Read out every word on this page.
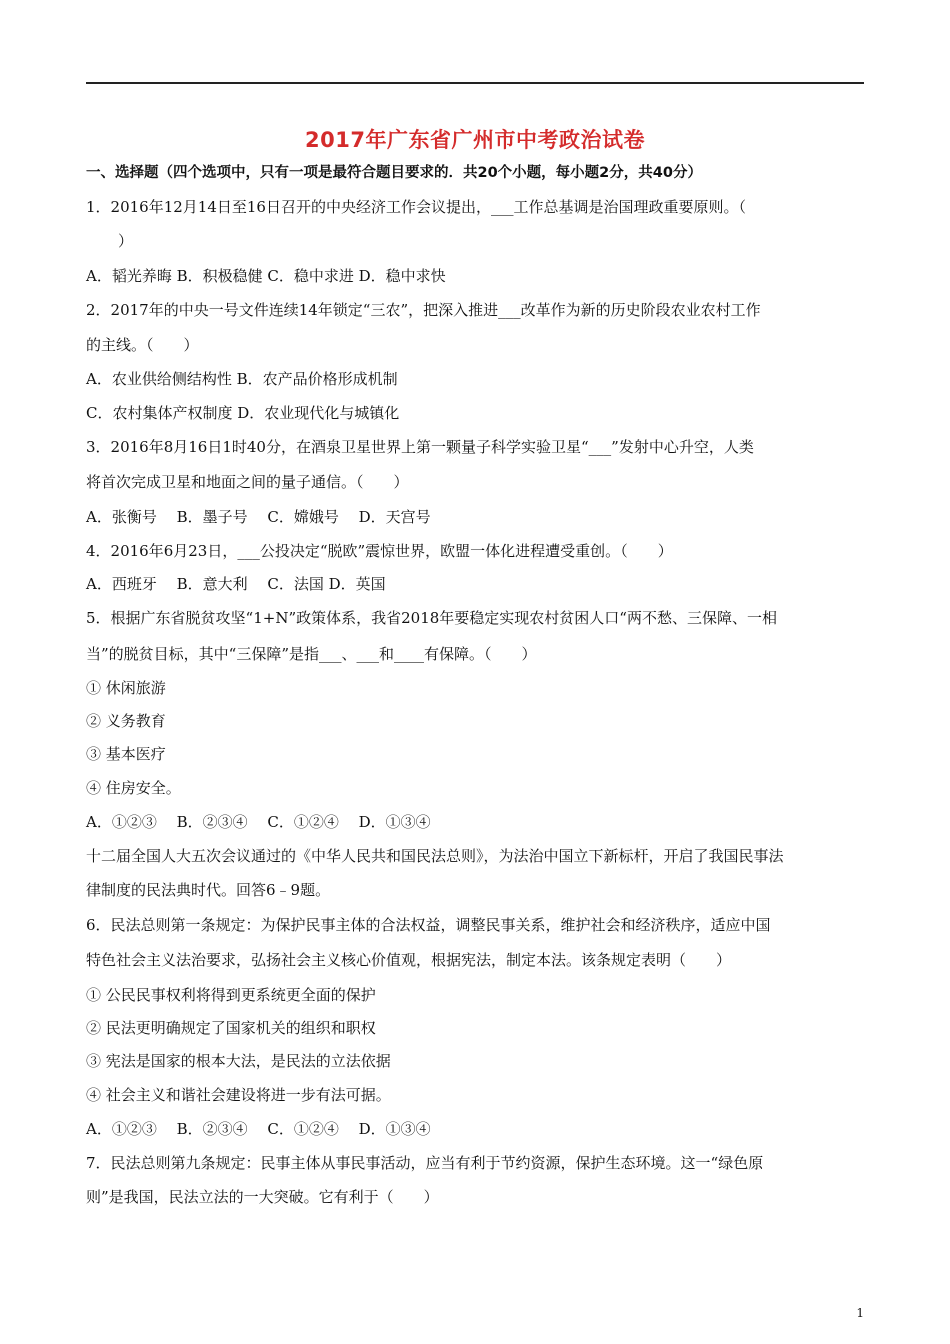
2017年广东省广州市中考政治试卷
一、选择题（四个选项中，只有一项是最符合题目要求的．共20个小题，每小题2分，共40分）
1．2016年12月14日至16日召开的中央经济工作会议提出，___工作总基调是治国理政重要原则。（
）
A．韬光养晦 B．积极稳健 C．稳中求进 D．稳中求快
2．2017年的中央一号文件连续14年锁定“三农”，把深入推进___改革作为新的历史阶段农业农村工作
的主线。（　　）
A．农业供给侧结构性 B．农产品价格形成机制
C．农村集体产权制度 D．农业现代化与城镇化
3．2016年8月16日1时40分，在酒泉卫星世界上第一颗量子科学实验卫星“___”发射中心升空，人类
将首次完成卫星和地面之间的量子通信。（　　）
A．张衡号　 B．墨子号　 C．嫦娥号　 D．天宫号
4．2016年6月23日，___公投决定“脱欧”震惊世界，欧盟一体化进程遭受重创。（　　）
A．西班牙　 B．意大利　 C．法国 D．英国
5．根据广东省脱贫攻坚“1+N”政策体系，我省2018年要稳定实现农村贫困人口“两不愁、三保障、一相
当”的脱贫目标，其中“三保障”是指___、___和____有保障。（　　）
① 休闲旅游
② 义务教育
③ 基本医疗
④ 住房安全。
A．①②③　 B．②③④　 C．①②④　 D．①③④
十二届全国人大五次会议通过的《中华人民共和国民法总则》，为法治中国立下新标杆，开启了我国民事法
律制度的民法典时代。回答6﹣9题。
6．民法总则第一条规定：为保护民事主体的合法权益，调整民事关系，维护社会和经济秩序，适应中国
特色社会主义法治要求，弘扬社会主义核心价值观，根据宪法，制定本法。该条规定表明（　　）
① 公民民事权利将得到更系统更全面的保护
② 民法更明确规定了国家机关的组织和职权
③ 宪法是国家的根本大法，是民法的立法依据
④ 社会主义和谐社会建设将进一步有法可据。
A．①②③　 B．②③④　 C．①②④　 D．①③④
7．民法总则第九条规定：民事主体从事民事活动，应当有利于节约资源，保护生态环境。这一“绿色原
则”是我国，民法立法的一大突破。它有利于（　　）
1
